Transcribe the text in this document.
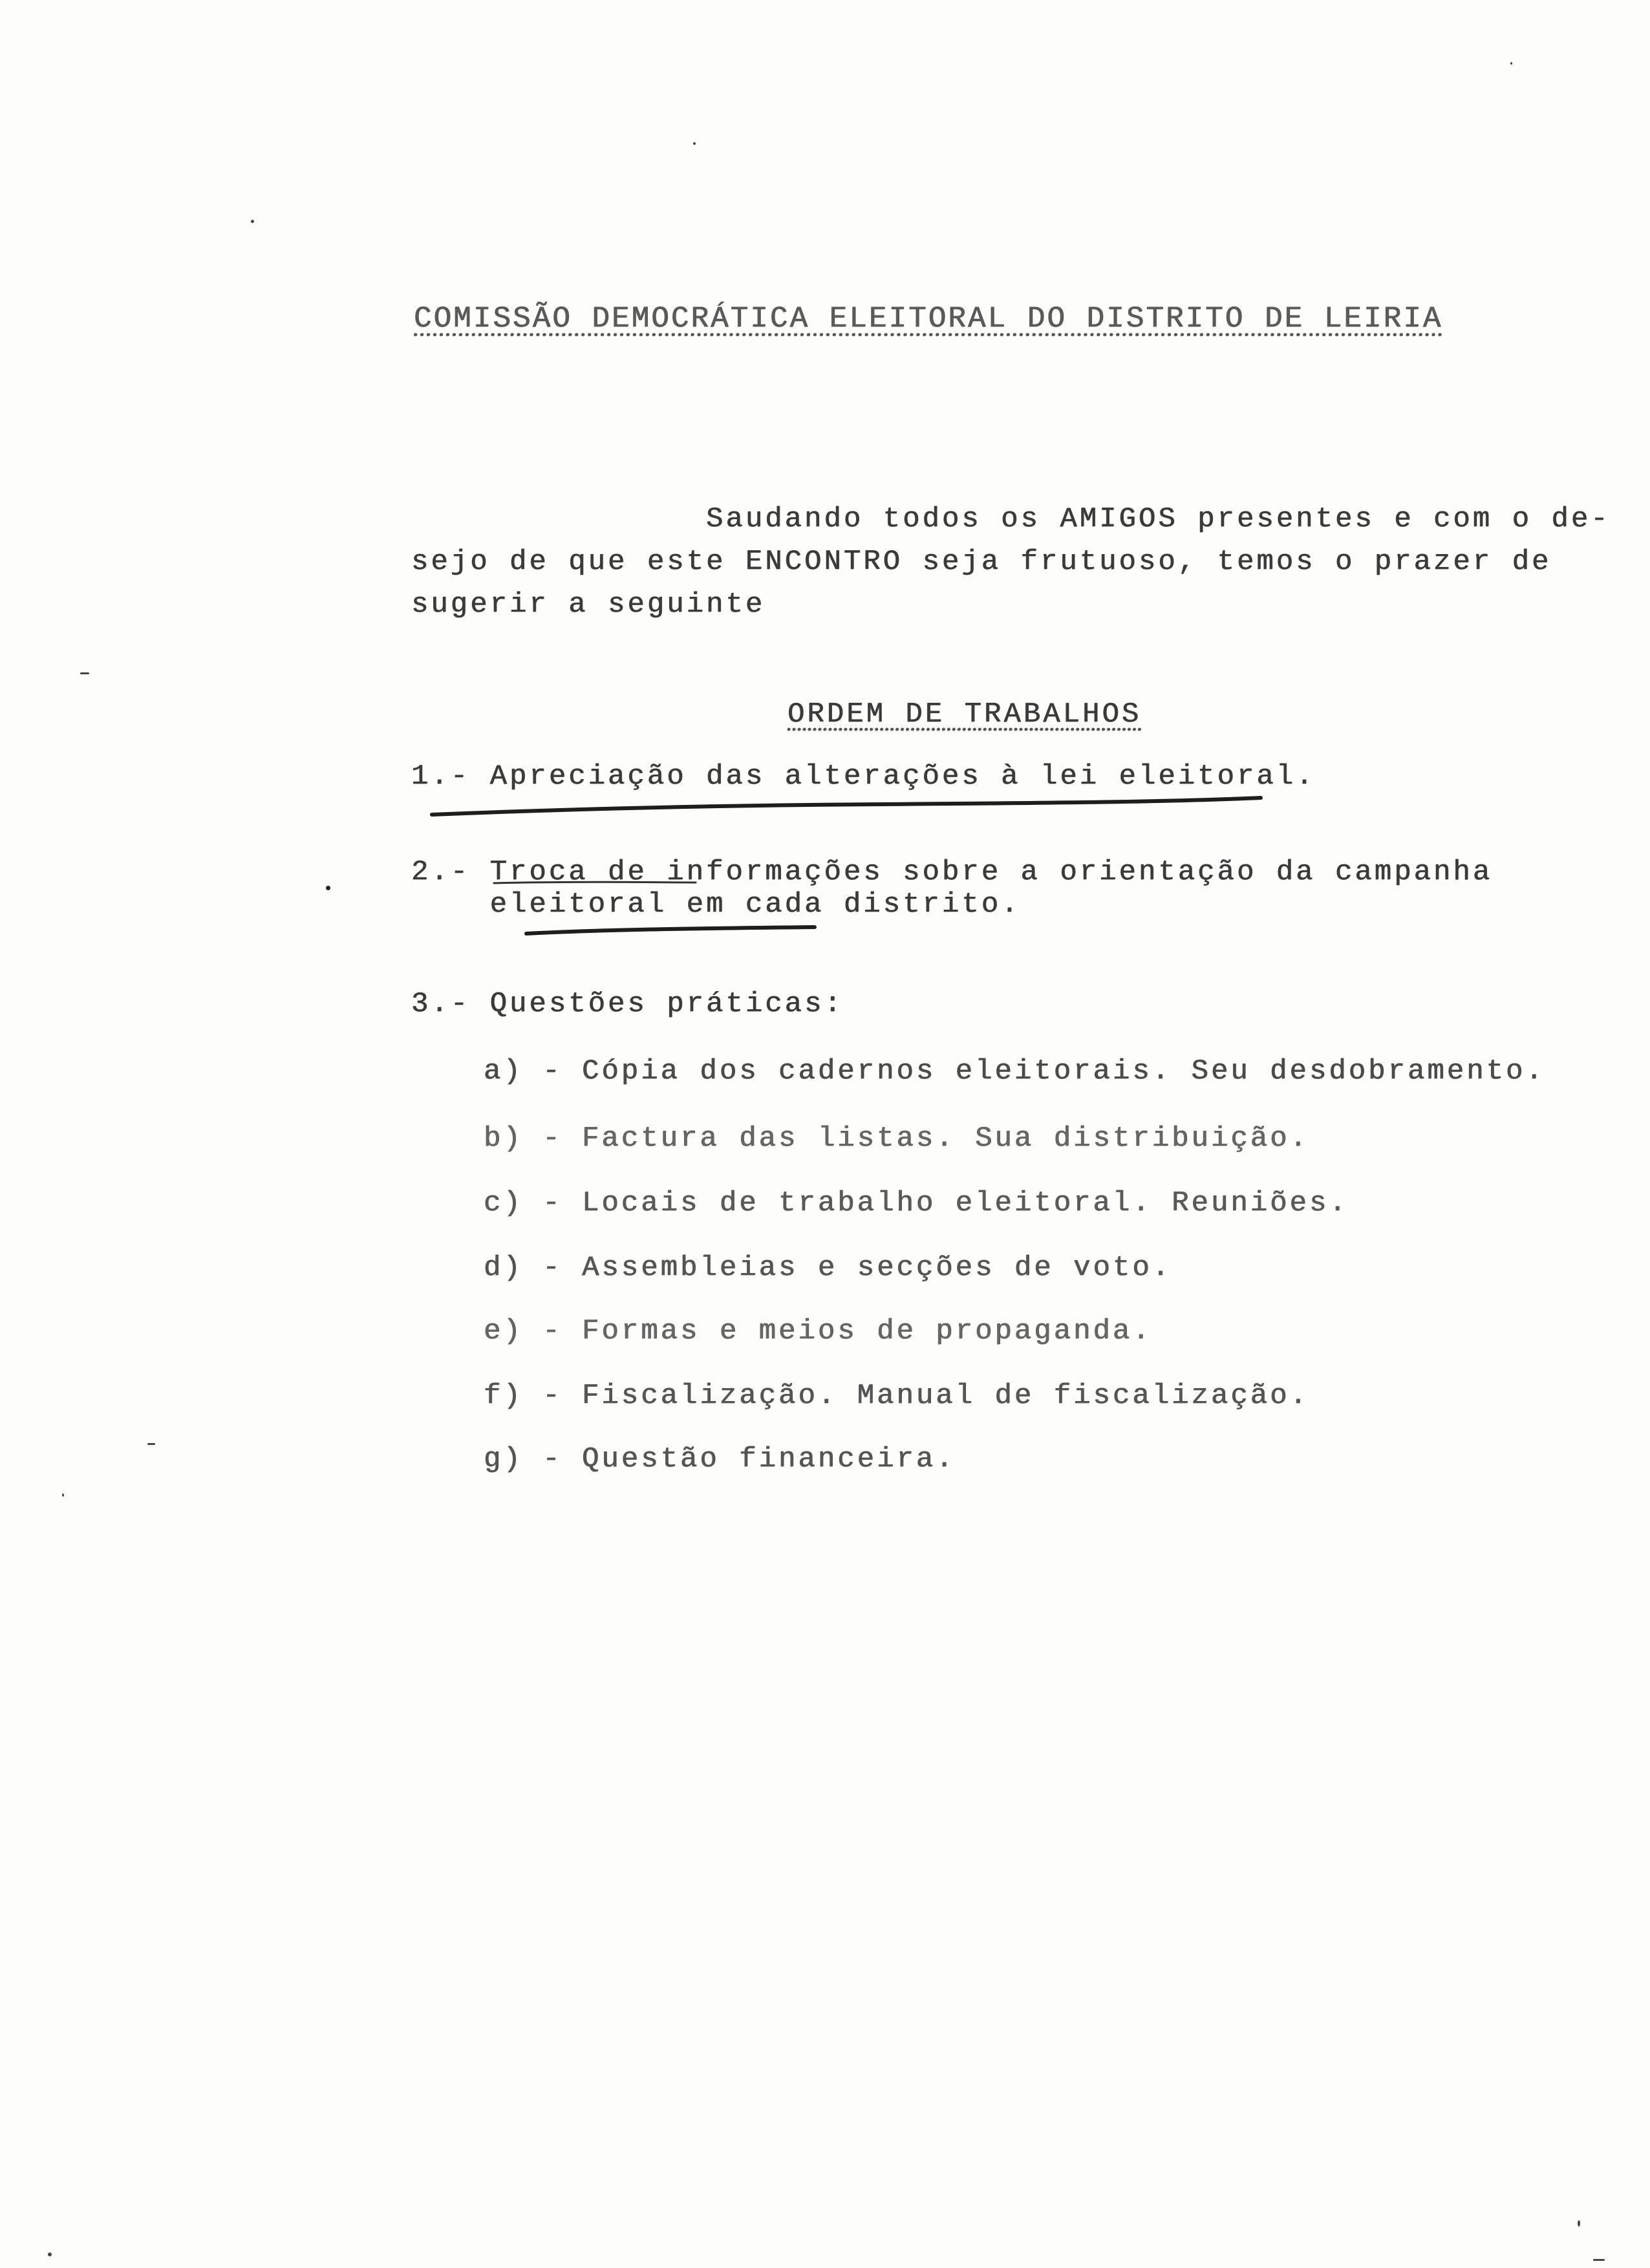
COMISSÃO DEMOCRÁTICA ELEITORAL DO DISTRITO DE LEIRIA
Saudando todos os AMIGOS presentes e com o de-
sejo de que este ENCONTRO seja frutuoso, temos o prazer de
sugerir a seguinte
ORDEM DE TRABALHOS
1.- Apreciação das alterações à lei eleitoral.
2.- Troca de informações sobre a orientação da campanha
eleitoral em cada distrito.
3.- Questões práticas:
a) - Cópia dos cadernos eleitorais. Seu desdobramento.
b) - Factura das listas. Sua distribuição.
c) - Locais de trabalho eleitoral. Reuniões.
d) - Assembleias e secções de voto.
e) - Formas e meios de propaganda.
f) - Fiscalização. Manual de fiscalização.
g) - Questão financeira.
